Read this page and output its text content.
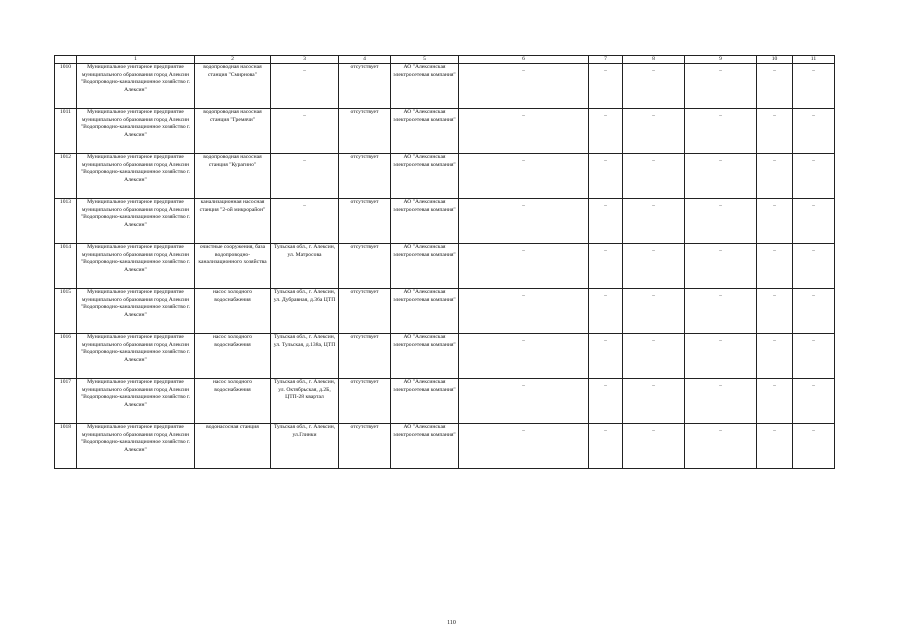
	1	2	3	4	5	6	7	8	9	10	11
1010	Муниципальное унитарное предприятие муниципального образования город Алексин "Водопроводно-канализационное хозяйство г. Алексин"	водопроводная насосная станция "Смирнова"	–	отсутствует	АО "Алексинская электросетевая компания"	–	–	–	–	–	–
1011	Муниципальное унитарное предприятие муниципального образования город Алексин "Водопроводно-канализационное хозяйство г. Алексин"	водопроводная насосная станция "Гремячи"	–	отсутствует	АО "Алексинская электросетевая компания"	–	–	–	–	–	–
1012	Муниципальное унитарное предприятие муниципального образования город Алексин "Водопроводно-канализационное хозяйство г. Алексин"	водопроводная насосная станция "Курагино"	–	отсутствует	АО "Алексинская электросетевая компания"	–	–	–	–	–	–
1013	Муниципальное унитарное предприятие муниципального образования город Алексин "Водопроводно-канализационное хозяйство г. Алексин"	канализационная насосная станция "2-ой микрорайон"	–	отсутствует	АО "Алексинская электросетевая компания"	–	–	–	–	–	–
1014	Муниципальное унитарное предприятие муниципального образования город Алексин "Водопроводно-канализационное хозяйство г. Алексин"	очистные сооружения, база водопроводно-канализационного хозяйства	Тульская обл., г. Алексин, ул. Матросова	отсутствует	АО "Алексинская электросетевая компания"	–	–	–	–	–	–
1015	Муниципальное унитарное предприятие муниципального образования город Алексин "Водопроводно-канализационное хозяйство г. Алексин"	насос холодного водоснабжения	Тульская обл., г. Алексин, ул. Дубравная, д.36а ЦТП	отсутствует	АО "Алексинская электросетевая компания"	–	–	–	–	–	–
1016	Муниципальное унитарное предприятие муниципального образования город Алексин "Водопроводно-канализационное хозяйство г. Алексин"	насос холодного водоснабжения	Тульская обл., г. Алексин, ул. Тульская, д.138а, ЦТП	отсутствует	АО "Алексинская электросетевая компания"	–	–	–	–	–	–
1017	Муниципальное унитарное предприятие муниципального образования город Алексин "Водопроводно-канализационное хозяйство г. Алексин"	насос холодного водоснабжения	Тульская обл., г. Алексин, ул. Октябрьская, д.2Б, ЦТП-28 квартал	отсутствует	АО "Алексинская электросетевая компания"	–	–	–	–	–	–
1018	Муниципальное унитарное предприятие муниципального образования город Алексин "Водопроводно-канализационное хозяйство г. Алексин"	водонасосная станция	Тульская обл., г. Алексин, ул.Глинки	отсутствует	АО "Алексинская электросетевая компания"	–	–	–	–	–	–
110
